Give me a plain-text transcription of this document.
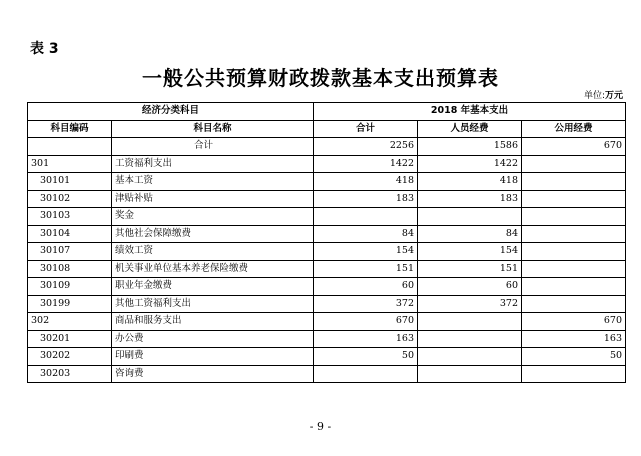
表 3
一般公共预算财政拨款基本支出预算表
单位:万元
经济分类科目		2018 年基本支出		
科目编码	科目名称	合计	人员经费	公用经费
	合计	2256	1586	670
301	工资福利支出	1422	1422	
30101	基本工资	418	418	
30102	津贴补贴	183	183	
30103	奖金			
30104	其他社会保障缴费	84	84	
30107	绩效工资	154	154	
30108	机关事业单位基本养老保险缴费	151	151	
30109	职业年金缴费	60	60	
30199	其他工资福利支出	372	372	
302	商品和服务支出	670		670
30201	办公费	163		163
30202	印刷费	50		50
30203	咨询费			
- 9 -
